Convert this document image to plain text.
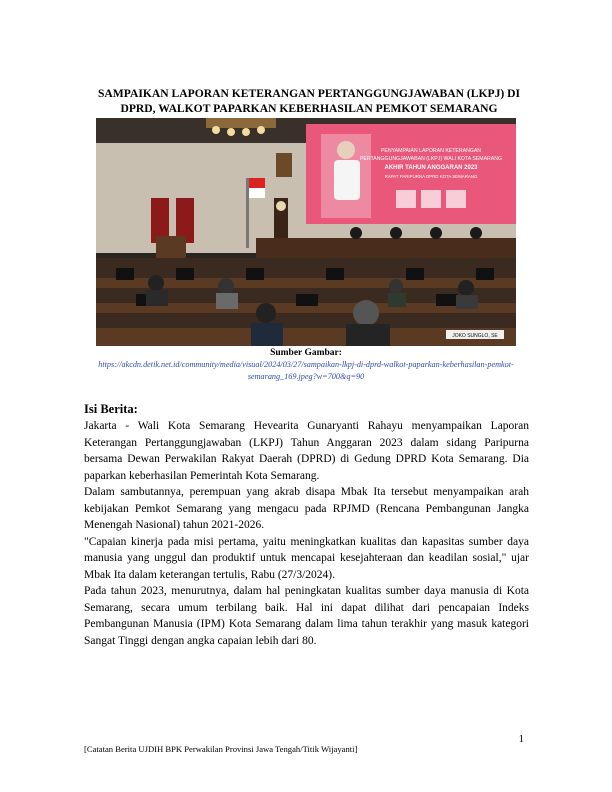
SAMPAIKAN LAPORAN KETERANGAN PERTANGGUNGJAWABAN (LKPJ) DI DPRD, WALKOT PAPARKAN KEBERHASILAN PEMKOT SEMARANG
PENYAMPAIAN LAPORAN KETERANGAN
PERTANGGUNGJAWABAN (LKPJ) WALI KOTA SEMARANG
AKHIR TAHUN ANGGARAN 2023
RAPAT PARIPURNA DPRD KOTA SEMARANG
JOKO SUNGLO, SE
Sumber Gambar:
https://akcdn.detik.net.id/community/media/visual/2024/03/27/sampaikan-lkpj-di-dprd-walkot-paparkan-keberhasilan-pemkot-semarang_169.jpeg?w=700&q=90
Isi Berita:

Jakarta - Wali Kota Semarang Hevearita Gunaryanti Rahayu menyampaikan Laporan Keterangan Pertanggungjawaban (LKPJ) Tahun Anggaran 2023 dalam sidang Paripurna bersama Dewan Perwakilan Rakyat Daerah (DPRD) di Gedung DPRD Kota Semarang. Dia paparkan keberhasilan Pemerintah Kota Semarang.

Dalam sambutannya, perempuan yang akrab disapa Mbak Ita tersebut menyampaikan arah kebijakan Pemkot Semarang yang mengacu pada RPJMD (Rencana Pembangunan Jangka Menengah Nasional) tahun 2021-2026.

"Capaian kinerja pada misi pertama, yaitu meningkatkan kualitas dan kapasitas sumber daya manusia yang unggul dan produktif untuk mencapai kesejahteraan dan keadilan sosial," ujar Mbak Ita dalam keterangan tertulis, Rabu (27/3/2024).

Pada tahun 2023, menurutnya, dalam hal peningkatan kualitas sumber daya manusia di Kota Semarang, secara umum terbilang baik. Hal ini dapat dilihat dari pencapaian Indeks Pembangunan Manusia (IPM) Kota Semarang dalam lima tahun terakhir yang masuk kategori Sangat Tinggi dengan angka capaian lebih dari 80.

1
[Catatan Berita UJDIH BPK Perwakilan Provinsi Jawa Tengah/Titik Wijayanti]
